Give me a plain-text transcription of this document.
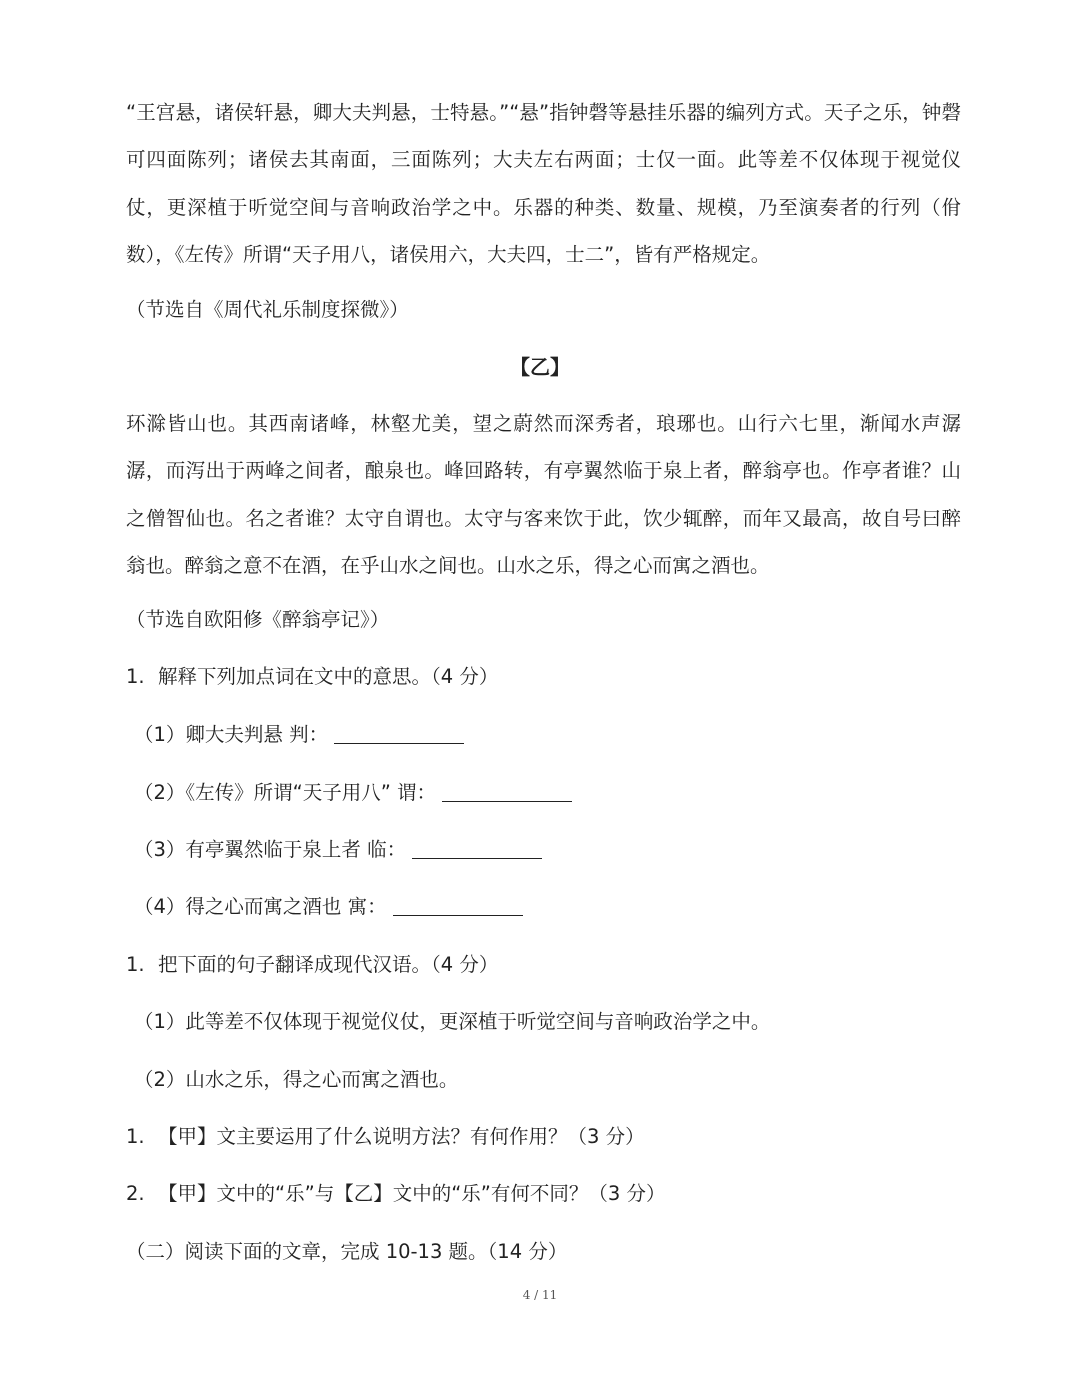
“王宫悬，诸侯轩悬，卿大夫判悬，士特悬。”“悬”指钟磬等悬挂乐器的编列方式。天子之乐，钟磬可四面陈列；诸侯去其南面，三面陈列；大夫左右两面；士仅一面。此等差不仅体现于视觉仪仗，更深植于听觉空间与音响政治学之中。乐器的种类、数量、规模，乃至演奏者的行列（佾数），《左传》所谓“天子用八，诸侯用六，大夫四，士二”，皆有严格规定。

（节选自《周代礼乐制度探微》）
【乙】

环滁皆山也。其西南诸峰，林壑尤美，望之蔚然而深秀者，琅琊也。山行六七里，渐闻水声潺潺，而泻出于两峰之间者，酿泉也。峰回路转，有亭翼然临于泉上者，醉翁亭也。作亭者谁？山之僧智仙也。名之者谁？太守自谓也。太守与客来饮于此，饮少辄醉，而年又最高，故自号曰醉翁也。醉翁之意不在酒，在乎山水之间也。山水之乐，得之心而寓之酒也。

（节选自欧阳修《醉翁亭记》）
1. 解释下列加点词在文中的意思。（4 分）
（1）卿大夫判悬 判：
（2）《左传》所谓“天子用八” 谓：
（3）有亭翼然临于泉上者 临：
（4）得之心而寓之酒也 寓：
1. 把下面的句子翻译成现代汉语。（4 分）
（1）此等差不仅体现于视觉仪仗，更深植于听觉空间与音响政治学之中。
（2）山水之乐，得之心而寓之酒也。
1. 【甲】文主要运用了什么说明方法？有何作用？（3 分）
2. 【甲】文中的“乐”与【乙】文中的“乐”有何不同？（3 分）
（二）阅读下面的文章，完成 10-13 题。（14 分）
4 / 11
